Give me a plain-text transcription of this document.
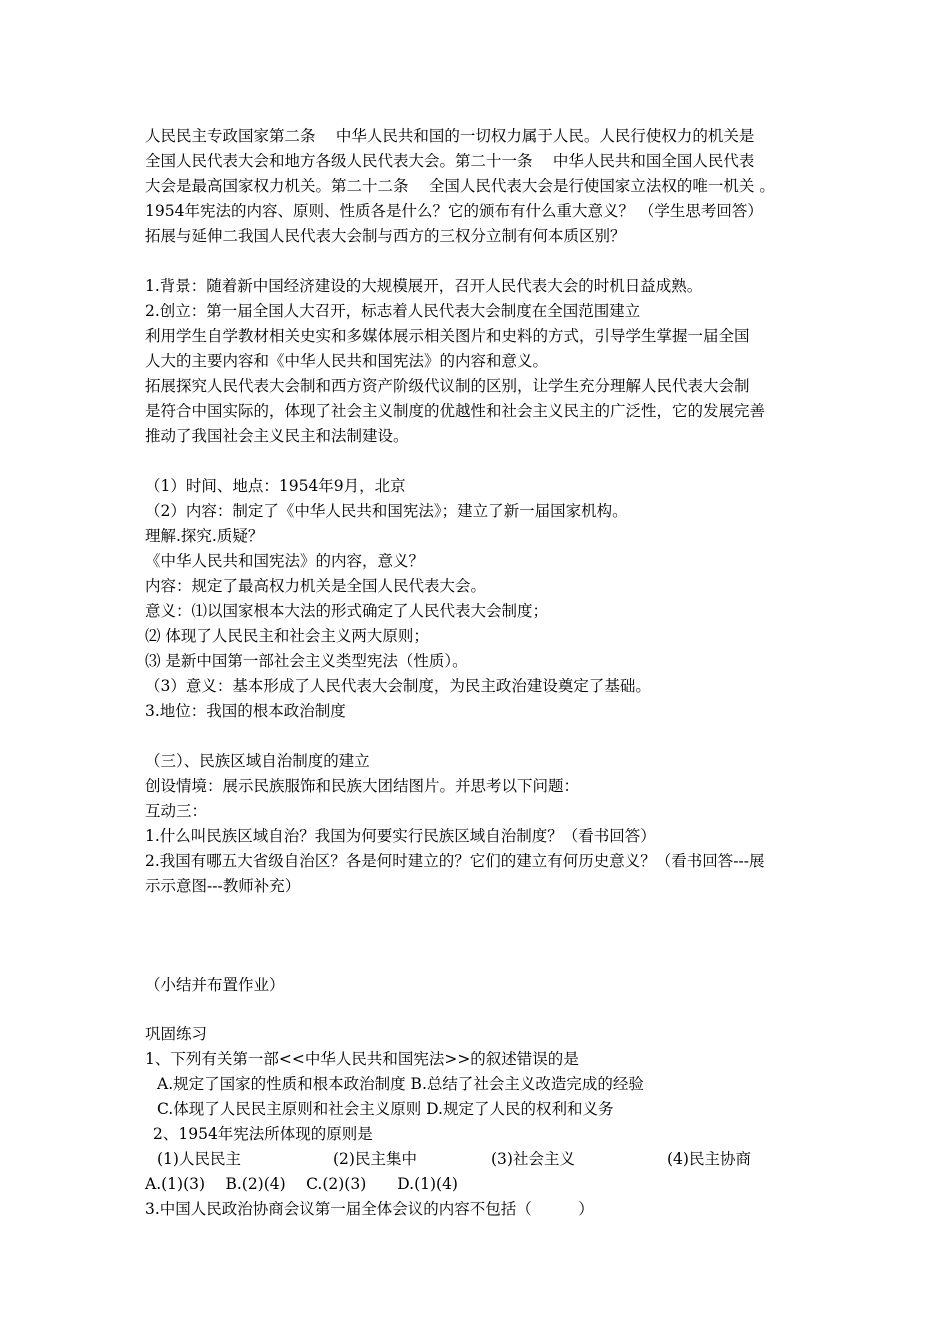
人民民主专政国家第二条　 中华人民共和国的一切权力属于人民。人民行使权力的机关是
全国人民代表大会和地方各级人民代表大会。第二十一条　 中华人民共和国全国人民代表
大会是最高国家权力机关。第二十二条　 全国人民代表大会是行使国家立法权的唯一机关 。
1954年宪法的内容、原则、性质各是什么？它的颁布有什么重大意义？ （学生思考回答）
拓展与延伸二我国人民代表大会制与西方的三权分立制有何本质区别？
1.背景：随着新中国经济建设的大规模展开，召开人民代表大会的时机日益成熟。
2.创立：第一届全国人大召开，标志着人民代表大会制度在全国范围建立
利用学生自学教材相关史实和多媒体展示相关图片和史料的方式，引导学生掌握一届全国
人大的主要内容和《中华人民共和国宪法》的内容和意义。
拓展探究人民代表大会制和西方资产阶级代议制的区别，让学生充分理解人民代表大会制
是符合中国实际的，体现了社会主义制度的优越性和社会主义民主的广泛性，它的发展完善
推动了我国社会主义民主和法制建设。
（1）时间、地点：1954年9月，北京
（2）内容：制定了《中华人民共和国宪法》；建立了新一届国家机构。
理解.探究.质疑？
《中华人民共和国宪法》的内容，意义？
内容：规定了最高权力机关是全国人民代表大会。
意义：⑴以国家根本大法的形式确定了人民代表大会制度；
⑵ 体现了人民民主和社会主义两大原则；
⑶ 是新中国第一部社会主义类型宪法（性质）。
（3）意义：基本形成了人民代表大会制度，为民主政治建设奠定了基础。
3.地位：我国的根本政治制度
（三）、民族区域自治制度的建立
创设情境：展示民族服饰和民族大团结图片。并思考以下问题：
互动三：
1.什么叫民族区域自治？我国为何要实行民族区域自治制度？（看书回答）
2.我国有哪五大省级自治区？各是何时建立的？它们的建立有何历史意义？（看书回答---展
示示意图---教师补充）
（小结并布置作业）
巩固练习
1、下列有关第一部<<中华人民共和国宪法>>的叙述错误的是
A.规定了国家的性质和根本政治制度 B.总结了社会主义改造完成的经验
C.体现了人民民主原则和社会主义原则 D.规定了人民的权利和义务
2、1954年宪法所体现的原则是
(1)人民民主	(2)民主集中	(3)社会主义	(4)民主协商
A.(1)(3)　 B.(2)(4)　 C.(2)(3)　　D.(1)(4)
3.中国人民政治协商会议第一届全体会议的内容不包括（　　　）
